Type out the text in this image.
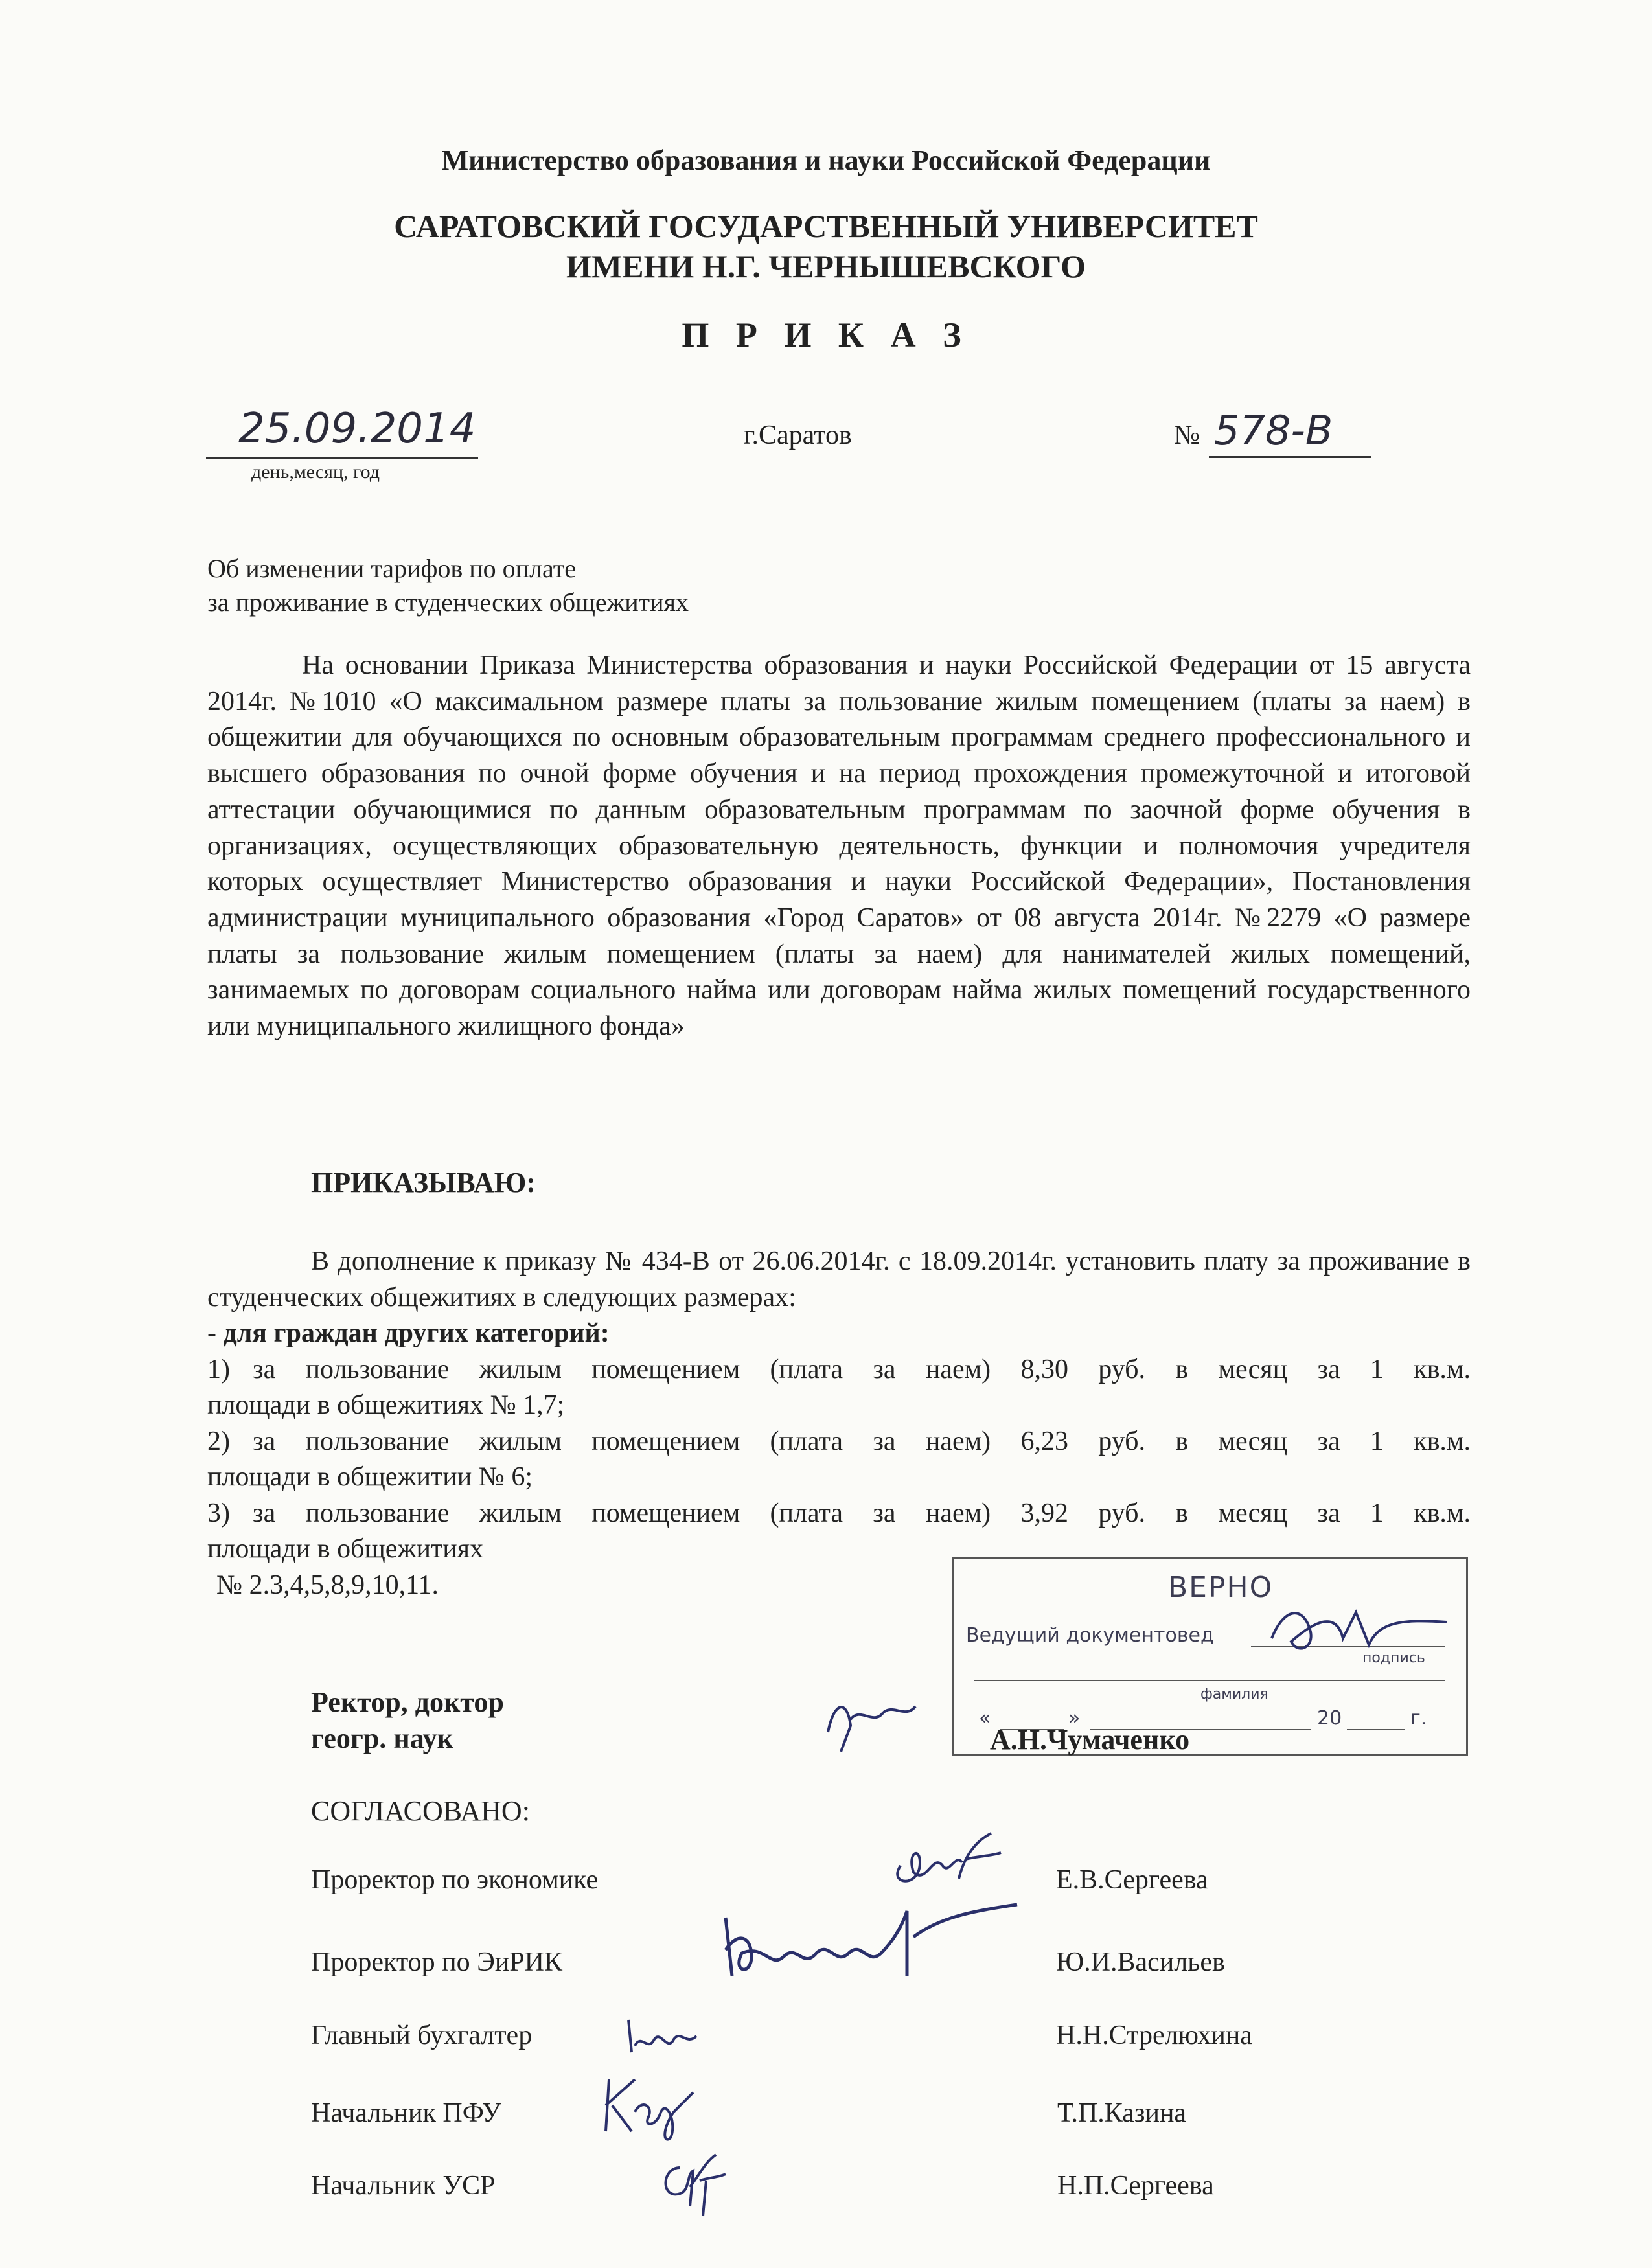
Министерство образования и науки Российской Федерации
САРАТОВСКИЙ ГОСУДАРСТВЕННЫЙ УНИВЕРСИТЕТ
ИМЕНИ Н.Г. ЧЕРНЫШЕВСКОГО
П Р И К А З
25.09.2014
день,месяц, год
г.Саратов	№ 578-В
Об изменении тарифов по оплате
за проживание в студенческих общежитиях
На основании Приказа Министерства образования и науки Российской Федерации от 15 августа 2014г. №1010 «О максимальном размере платы за пользование жилым помещением (платы за наем) в общежитии для обучающихся по основным образовательным программам среднего профессионального и высшего образования по очной форме обучения и на период прохождения промежуточной и итоговой аттестации обучающимися по данным образовательным программам по заочной форме обучения в организациях, осуществляющих образовательную деятельность, функции и полномочия учредителя которых осуществляет Министерство образования и науки Российской Федерации», Постановления администрации муниципального образования «Город Саратов» от 08 августа 2014г. №2279 «О размере платы за пользование жилым помещением (платы за наем) для нанимателей жилых помещений, занимаемых по договорам социального найма или договорам найма жилых помещений государственного или муниципального жилищного фонда»
ПРИКАЗЫВАЮ:
В дополнение к приказу № 434-В от 26.06.2014г. с 18.09.2014г. установить плату за проживание в студенческих общежитиях в следующих размерах:
- для граждан других категорий:
1) за пользование жилым помещением (плата за наем) 8,30 руб. в месяц за 1 кв.м.
площади в общежитиях № 1,7;
2) за пользование жилым помещением (плата за наем) 6,23 руб. в месяц за 1 кв.м.
площади в общежитии № 6;
3) за пользование жилым помещением (плата за наем) 3,92 руб. в месяц за 1 кв.м.
площади в общежитиях
№ 2.3,4,5,8,9,10,11.	ВЕРНО
Ведущий документовед
подпись
фамилия
«	»	20	г.
Ректор, доктор
геогр. наук	А.Н.Чумаченко
СОГЛАСОВАНО:
Проректор по экономике	Е.В.Сергеева
Проректор по ЭиРИК	Ю.И.Васильев
Главный бухгалтер	Н.Н.Стрелюхина
Начальник ПФУ	Т.П.Казина
Начальник УСР	Н.П.Сергеева
